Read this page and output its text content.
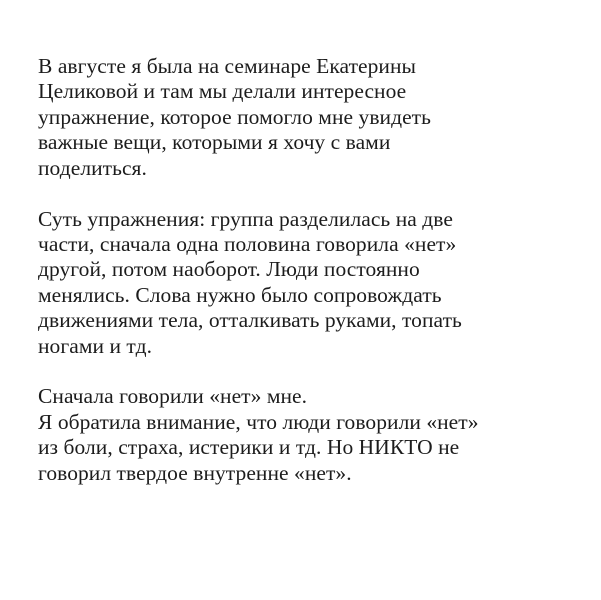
В августе я была на семинаре Екатерины
Целиковой и там мы делали интересное
упражнение, которое помогло мне увидеть
важные вещи, которыми я хочу с вами
поделиться.

Суть упражнения: группа разделилась на две
части, сначала одна половина говорила «нет»
другой, потом наоборот. Люди постоянно
менялись. Слова нужно было сопровождать
движениями тела, отталкивать руками, топать
ногами и тд.

Сначала говорили «нет» мне.
Я обратила внимание, что люди говорили «нет»
из боли, страха, истерики и тд. Но НИКТО не
говорил твердое внутренне «нет».
